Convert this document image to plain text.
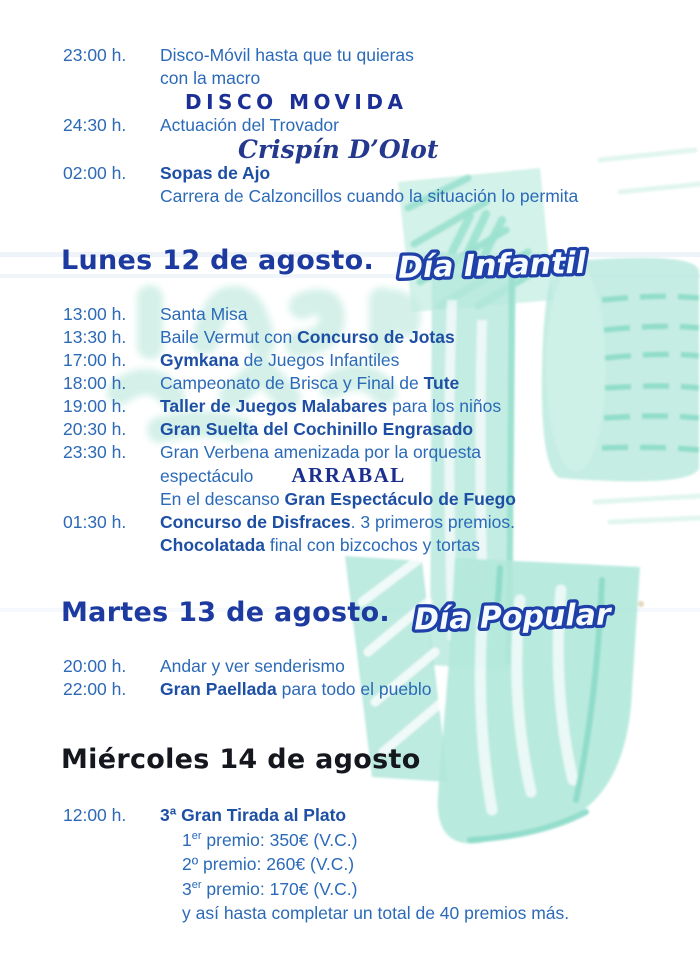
23:00 h.	Disco-Móvil hasta que tu quieras
con la macro
DISCO MOVIDA
24:30 h.	Actuación del Trovador
Crispín D’Olot
02:00 h.	Sopas de Ajo
Carrera de Calzoncillos cuando la situación lo permita
Lunes 12 de agosto. Día Infantil
13:00 h.	Santa Misa
13:30 h.	Baile Vermut con Concurso de Jotas
17:00 h.	Gymkana de Juegos Infantiles
18:00 h.	Campeonato de Brisca y Final de Tute
19:00 h.	Taller de Juegos Malabares para los niños
20:30 h.	Gran Suelta del Cochinillo Engrasado
23:30 h.	Gran Verbena amenizada por la orquesta
espectáculo ARRABAL
En el descanso Gran Espectáculo de Fuego
01:30 h.	Concurso de Disfraces. 3 primeros premios.
Chocolatada final con bizcochos y tortas
Martes 13 de agosto. Día Popular
20:00 h.	Andar y ver senderismo
22:00 h.	Gran Paellada para todo el pueblo
Miércoles 14 de agosto
12:00 h.	3ª Gran Tirada al Plato
1er premio: 350€ (V.C.)
2º premio: 260€ (V.C.)
3er premio: 170€ (V.C.)
y así hasta completar un total de 40 premios más.
